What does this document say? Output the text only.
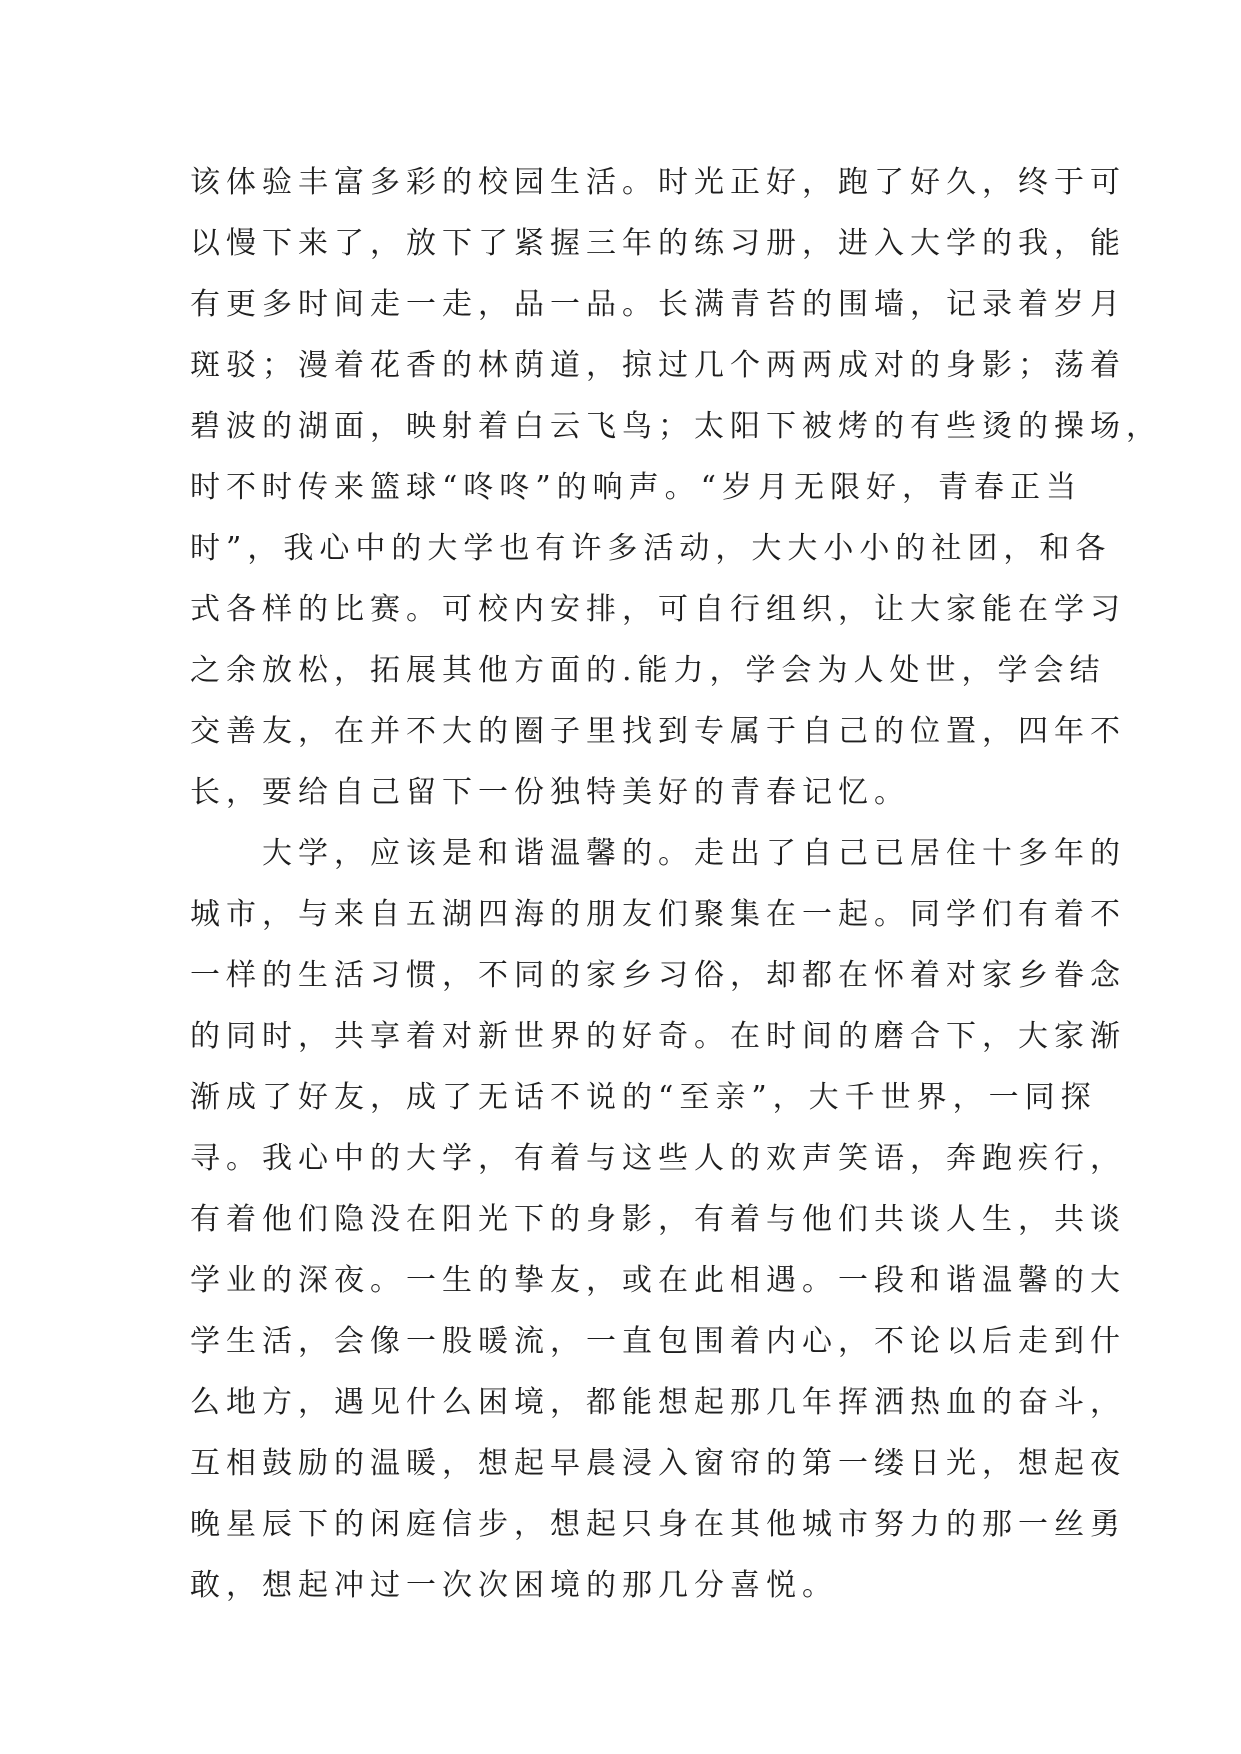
该体验丰富多彩的校园生活。时光正好，跑了好久，终于可
以慢下来了，放下了紧握三年的练习册，进入大学的我，能
有更多时间走一走，品一品。长满青苔的围墙，记录着岁月
斑驳；漫着花香的林荫道，掠过几个两两成对的身影；荡着
碧波的湖面，映射着白云飞鸟；太阳下被烤的有些烫的操场，
时不时传来篮球“咚咚”的响声。“岁月无限好，青春正当
时”，我心中的大学也有许多活动，大大小小的社团，和各
式各样的比赛。可校内安排，可自行组织，让大家能在学习
之余放松，拓展其他方面的.能力，学会为人处世，学会结
交善友，在并不大的圈子里找到专属于自己的位置，四年不
长，要给自己留下一份独特美好的青春记忆。
　　大学，应该是和谐温馨的。走出了自己已居住十多年的
城市，与来自五湖四海的朋友们聚集在一起。同学们有着不
一样的生活习惯，不同的家乡习俗，却都在怀着对家乡眷念
的同时，共享着对新世界的好奇。在时间的磨合下，大家渐
渐成了好友，成了无话不说的“至亲”，大千世界，一同探
寻。我心中的大学，有着与这些人的欢声笑语，奔跑疾行，
有着他们隐没在阳光下的身影，有着与他们共谈人生，共谈
学业的深夜。一生的挚友，或在此相遇。一段和谐温馨的大
学生活，会像一股暖流，一直包围着内心，不论以后走到什
么地方，遇见什么困境，都能想起那几年挥洒热血的奋斗，
互相鼓励的温暖，想起早晨浸入窗帘的第一缕日光，想起夜
晚星辰下的闲庭信步，想起只身在其他城市努力的那一丝勇
敢，想起冲过一次次困境的那几分喜悦。
